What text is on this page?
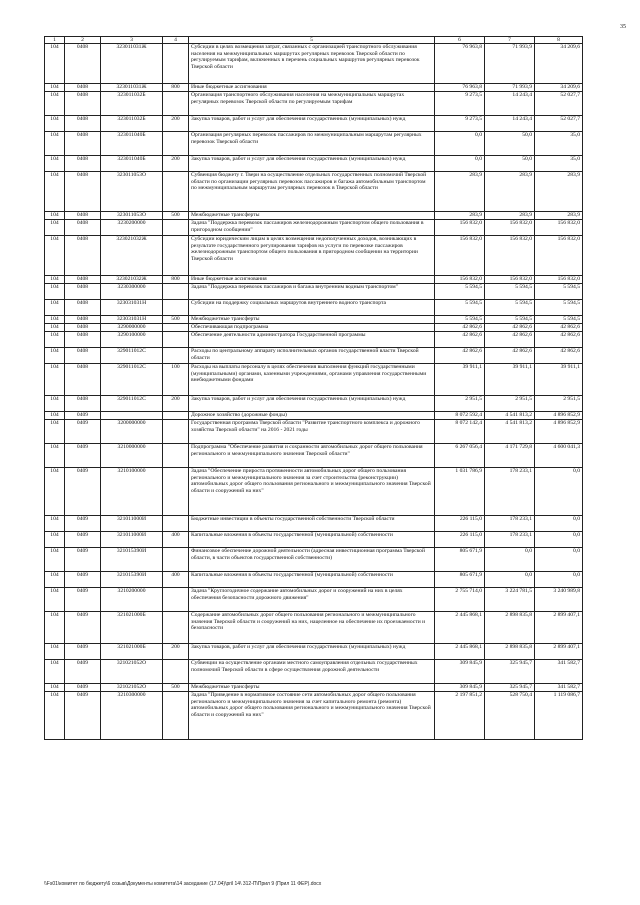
35
1	2	3	4	5	6	7	8
104	0408	323011031Ж		Субсидии в целях возмещения затрат, связанных с организацией транспортного обслуживания населения на межмуниципальных маршрутах регулярных перевозок Тверской области по регулируемым тарифам, включенных в перечень социальных маршрутов регулярных перевозок Тверской области	76 963,8	71 993,9	34 209,6
104	0408	323011031Ж	800	Иные бюджетные ассигнования	76 963,8	71 993,9	34 209,6
104	0408	323011032Б		Организация транспортного обслуживания населения на межмуниципальных маршрутах регулярных перевозок Тверской области по регулируемым тарифам	9 273,5	14 243,4	52 027,7
104	0408	323011032Б	200	Закупка товаров, работ и услуг для обеспечения государственных (муниципальных) нужд	9 273,5	14 243,4	52 027,7
104	0408	323011040Б		Организация регулярных перевозок пассажиров по межмуниципальным маршрутам регулярных перевозок Тверской области	0,0	50,0	35,0
104	0408	323011040Б	200	Закупка товаров, работ и услуг для обеспечения государственных (муниципальных) нужд	0,0	50,0	35,0
104	0408	323011053О		Субвенция бюджету г. Твери на осуществление отдельных государственных полномочий Тверской области по организации регулярных перевозок пассажиров и багажа автомобильным транспортом по межмуниципальным маршрутам регулярных перевозок в Тверской области	283,9	283,9	283,9
104	0408	323011053О	500	Межбюджетные трансферты	283,9	283,9	283,9
104	0408	3230200000		Задача "Поддержка перевозок пассажиров железнодорожным транспортом общего пользования в пригородном сообщении"	156 832,0	156 832,0	156 832,0
104	0408	323021032Ж		Субсидии юридическим лицам в целях возмещения недополученных доходов, возникающих в результате государственного регулирования тарифов на услуги по перевозке пассажиров железнодорожным транспортом общего пользования в пригородном сообщении на территории Тверской области	156 832,0	156 832,0	156 832,0
104	0408	323021032Ж	800	Иные бюджетные ассигнования	156 832,0	156 832,0	156 832,0
104	0408	3230300000		Задача "Поддержка перевозок пассажиров и багажа внутренним водным транспортом"	5 594,5	5 594,5	5 594,5
104	0408	323031031Н		Субсидии на поддержку социальных маршрутов внутреннего водного транспорта	5 594,5	5 594,5	5 594,5
104	0408	323031031Н	500	Межбюджетные трансферты	5 594,5	5 594,5	5 594,5
104	0408	3290000000		Обеспечивающая подпрограмма	42 862,6	42 862,6	42 862,6
104	0408	3290100000		Обеспечение деятельности администратора Государственной программы	42 862,6	42 862,6	42 862,6
104	0408	329011012С		Расходы по центральному аппарату исполнительных органов государственной власти Тверской области	42 862,6	42 862,6	42 862,6
104	0408	329011012С	100	Расходы на выплаты персоналу в целях обеспечения выполнения функций государственными (муниципальными) органами, казенными учреждениями, органами управления государственными внебюджетными фондами	39 911,1	39 911,1	39 911,1
104	0408	329011012С	200	Закупка товаров, работ и услуг для обеспечения государственных (муниципальных) нужд	2 951,5	2 951,5	2 951,5
104	0409			Дорожное хозяйство (дорожные фонды)	8 072 592,4	4 541 813,2	4 896 852,9
104	0409	3200000000		Государственная программа Тверской области "Развитие транспортного комплекса и дорожного хозяйства Тверской области" на 2016 - 2021 годы	8 072 142,4	4 541 813,2	4 896 852,9
104	0409	3210000000		Подпрограмма "Обеспечение развития и сохранности автомобильных дорог общего пользования регионального и межмуниципального значения Тверской области"	6 267 056,4	4 171 729,8	4 600 041,3
104	0409	3210100000		Задача "Обеспечение прироста протяженности автомобильных дорог общего пользования регионального и межмуниципального значения за счет строительства (реконструкции) автомобильных дорог общего пользования регионального и межмуниципального значения Тверской области и сооружений на них"	1 031 786,9	178 233,1	0,0
104	0409	321011000И		Бюджетные инвестиции в объекты государственной собственности Тверской области	226 115,0	178 233,1	0,0
104	0409	321011000И	400	Капитальные вложения в объекты государственной (муниципальной) собственности	226 115,0	178 233,1	0,0
104	0409	321015390И		Финансовое обеспечение дорожной деятельности (адресная инвестиционная программа Тверской области, в части объектов государственной собственности)	805 671,9	0,0	0,0
104	0409	321015390И	400	Капитальные вложения в объекты государственной (муниципальной) собственности	805 671,9	0,0	0,0
104	0409	3210200000		Задача "Круглогодичное содержание автомобильных дорог и сооружений на них в целях обеспечения безопасности дорожного движения"	2 755 714,0	3 224 781,5	3 240 989,8
104	0409	321021000Б		Содержание автомобильных дорог общего пользования регионального и межмуниципального значения Тверской области и сооружений на них, нацеленное на обеспечение их проезжаемости и безопасности	2 445 868,1	2 898 835,8	2 899 407,1
104	0409	321021000Б	200	Закупка товаров, работ и услуг для обеспечения государственных (муниципальных) нужд	2 445 868,1	2 898 835,8	2 899 407,1
104	0409	321021052О		Субвенции на осуществление органами местного самоуправления отдельных государственных полномочий Тверской области в сфере осуществления дорожной деятельности	309 845,9	325 945,7	341 582,7
104	0409	321021052О	500	Межбюджетные трансферты	309 845,9	325 945,7	341 582,7
104	0409	3210300000		Задача "Приведение в нормативное состояние сети автомобильных дорог общего пользования регионального и межмуниципального значения за счет капитального ремонта (ремонта) автомобильных дорог общего пользования регионального и межмуниципального значения Тверской области и сооружений на них"	2 197 851,2	528 750,4	1 119 086,7
\\Fs01\комитет по бюджету\6 созыв\Документы комитета\14 заседание (17.04)\pril 14\ 312-П\Прил 9 (Прил 11 ФЕР).docx
